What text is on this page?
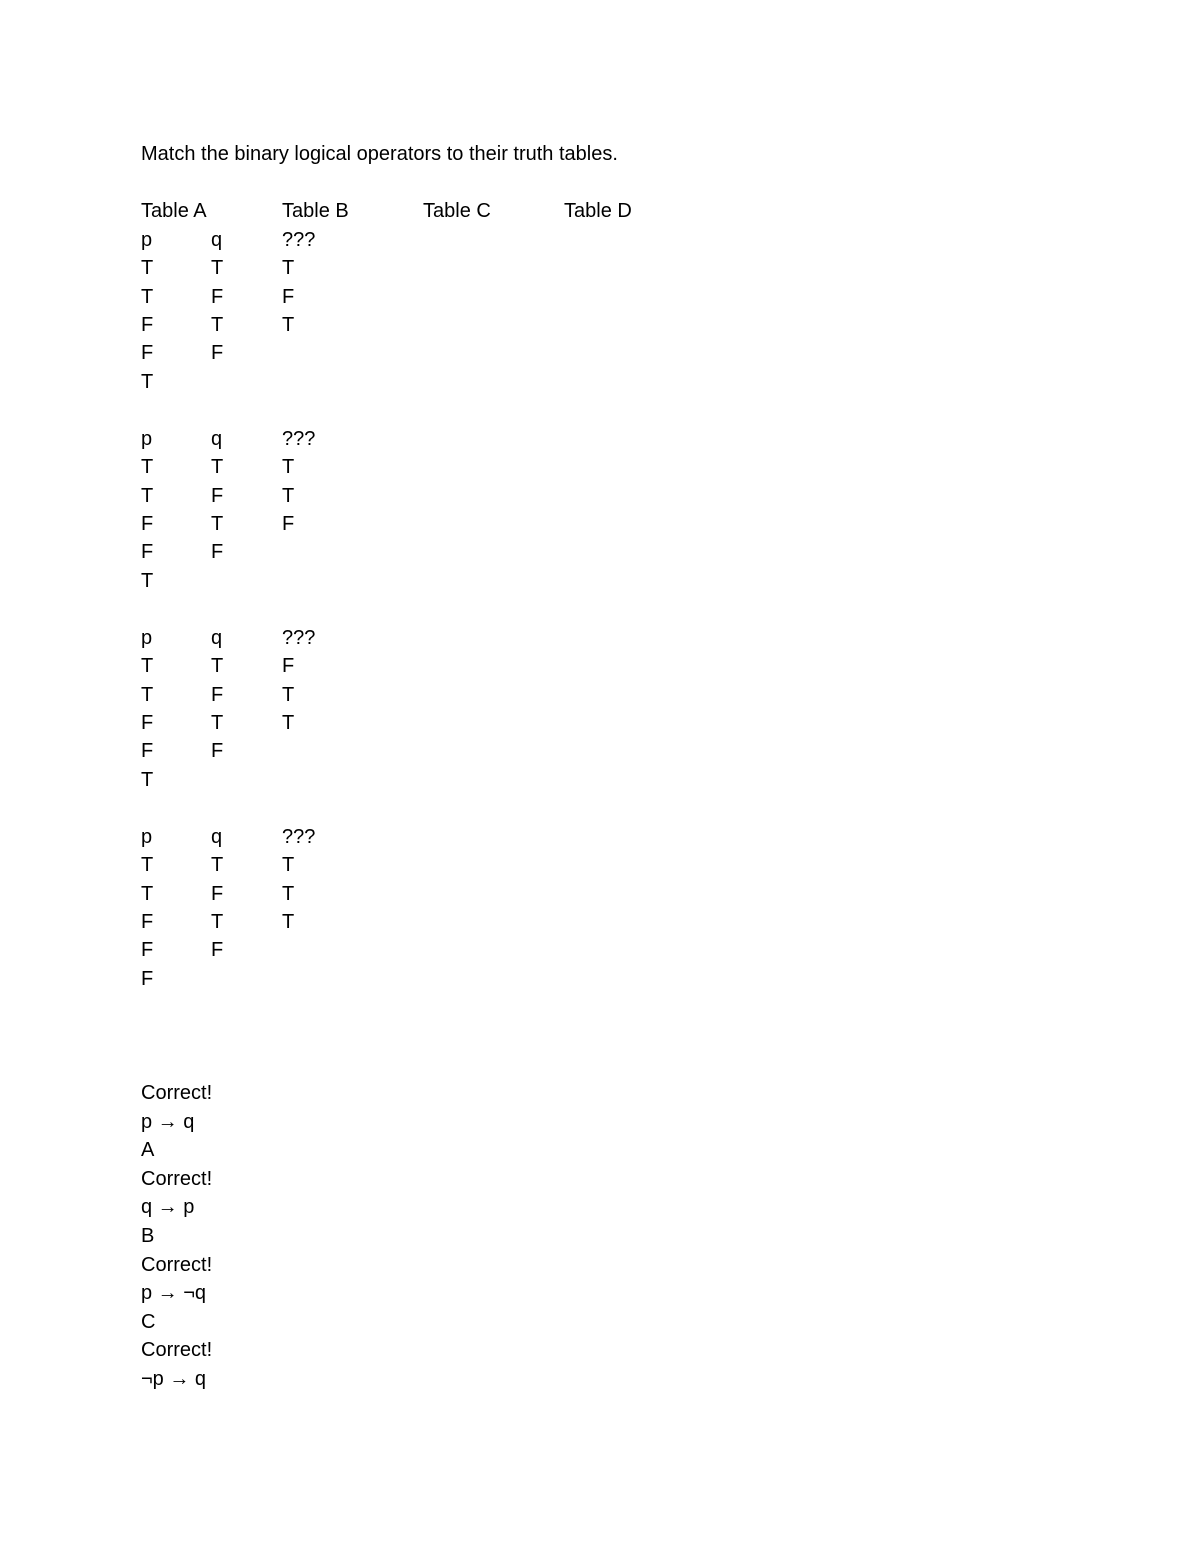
Match the binary logical operators to their truth tables.
Table A	Table B	Table C	Table D
p	q	???
T	T	T
T	F	F
F	T	T
F	F
T
p	q	???
T	T	T
T	F	T
F	T	F
F	F
T
p	q	???
T	T	F
T	F	T
F	T	T
F	F
T
p	q	???
T	T	T
T	F	T
F	T	T
F	F
F
Correct!
p → q
A
Correct!
q → p
B
Correct!
p → ¬q
C
Correct!
¬p → q
